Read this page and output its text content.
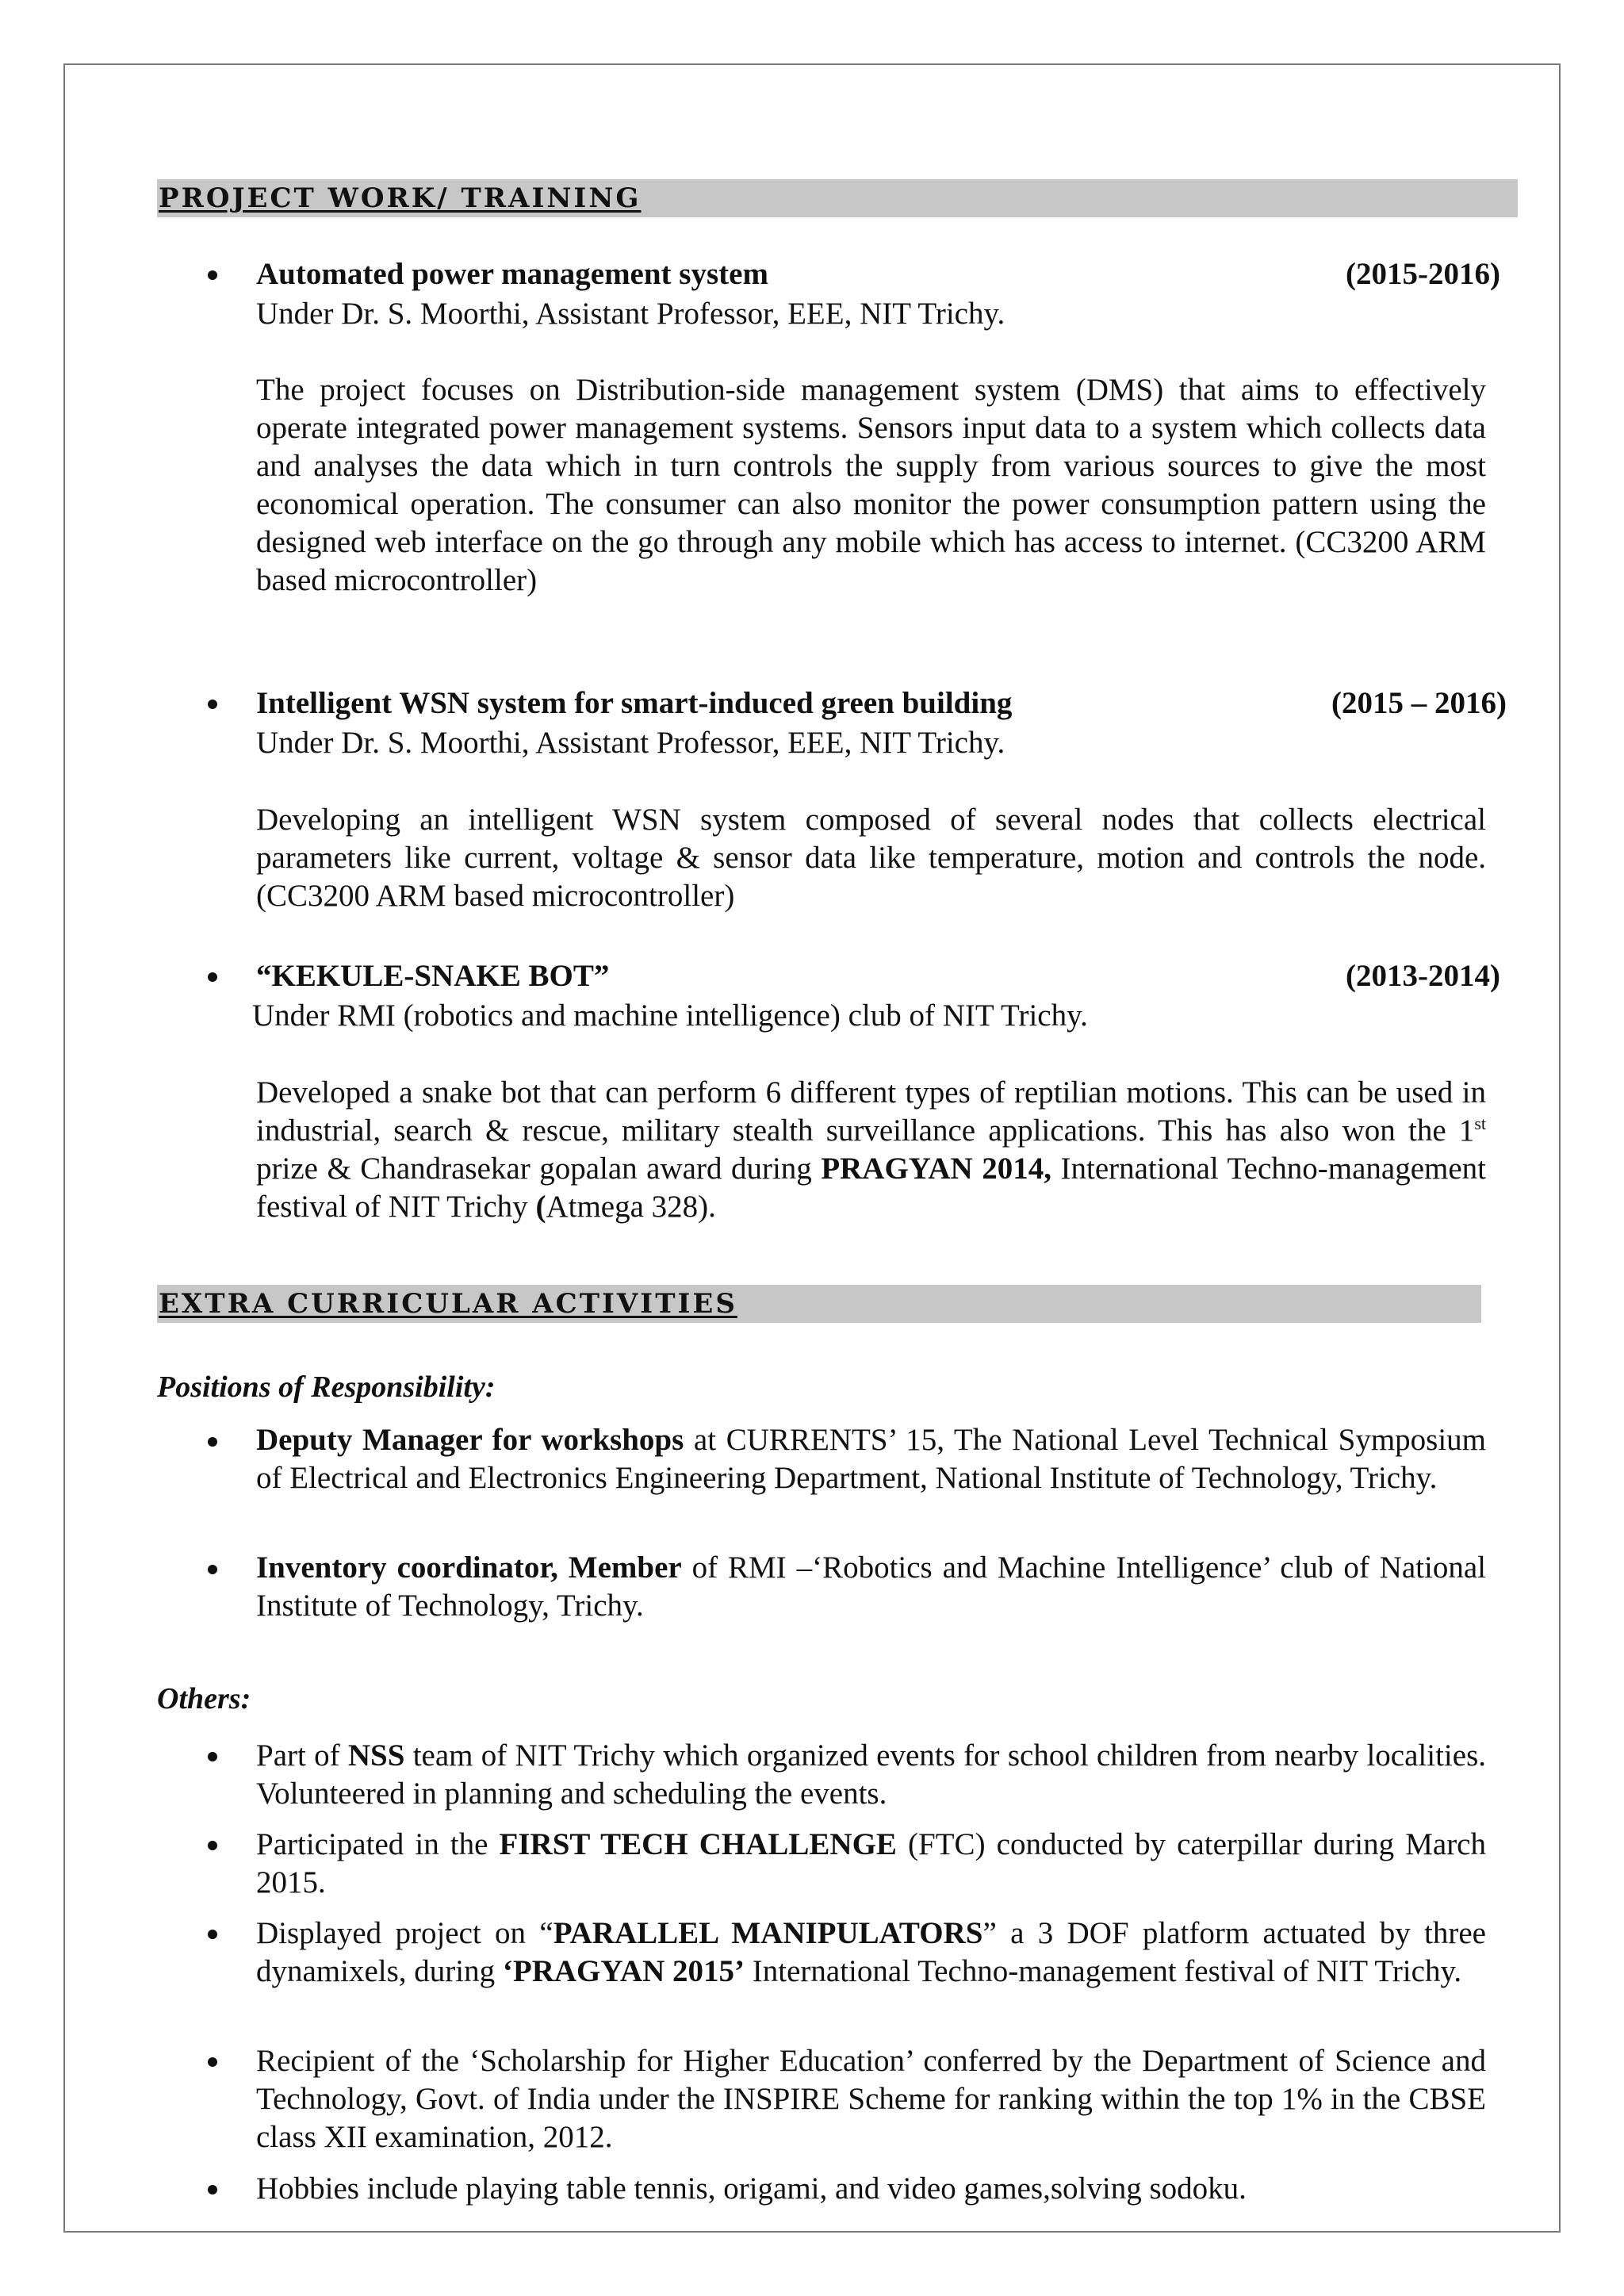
PROJECT WORK/ TRAINING
Automated power management system	(2015-2016)
Under Dr. S. Moorthi, Assistant Professor, EEE, NIT Trichy.
The project focuses on Distribution-side management system (DMS) that aims to effectively operate integrated power management systems. Sensors input data to a system which collects data and analyses the data which in turn controls the supply from various sources to give the most economical operation. The consumer can also monitor the power consumption pattern using the designed web interface on the go through any mobile which has access to internet. (CC3200 ARM based microcontroller)
Intelligent WSN system for smart-induced green building	(2015 – 2016)
Under Dr. S. Moorthi, Assistant Professor, EEE, NIT Trichy.
Developing an intelligent WSN system composed of several nodes that collects electrical parameters like current, voltage & sensor data like temperature, motion and controls the node. (CC3200 ARM based microcontroller)
“KEKULE-SNAKE BOT”	(2013-2014)
Under RMI (robotics and machine intelligence) club of NIT Trichy.
Developed a snake bot that can perform 6 different types of reptilian motions. This can be used in industrial, search & rescue, military stealth surveillance applications. This has also won the 1st prize & Chandrasekar gopalan award during PRAGYAN 2014, International Techno-management festival of NIT Trichy (Atmega 328).
EXTRA CURRICULAR ACTIVITIES
Positions of Responsibility:
Deputy Manager for workshops at CURRENTS’ 15, The National Level Technical Symposium of Electrical and Electronics Engineering Department, National Institute of Technology, Trichy.
Inventory coordinator, Member of RMI –‘Robotics and Machine Intelligence’ club of National Institute of Technology, Trichy.
Others:
Part of NSS team of NIT Trichy which organized events for school children from nearby localities. Volunteered in planning and scheduling the events.
Participated in the FIRST TECH CHALLENGE (FTC) conducted by caterpillar during March 2015.
Displayed project on “PARALLEL MANIPULATORS” a 3 DOF platform actuated by three dynamixels, during ‘PRAGYAN 2015’ International Techno-management festival of NIT Trichy.
Recipient of the ‘Scholarship for Higher Education’ conferred by the Department of Science and Technology, Govt. of India under the INSPIRE Scheme for ranking within the top 1% in the CBSE class XII examination, 2012.
Hobbies include playing table tennis, origami, and video games,solving sodoku.
